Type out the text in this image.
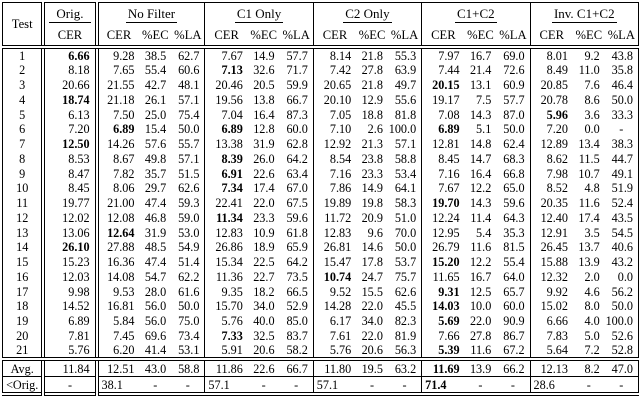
Test	Orig.	No Filter			C1 Only			C2 Only			C1+C2			Inv. C1+C2		
	CER	CER	%EC	%LA	CER	%EC	%LA	CER	%EC	%LA	CER	%EC	%LA	CER	%EC	%LA
1	6.66	9.28	38.5	62.7	7.67	14.9	57.7	8.14	21.8	55.3	7.97	16.7	69.0	8.01	9.2	43.8
2	8.18	7.65	55.4	60.6	7.13	32.6	71.7	7.42	27.8	63.9	7.44	21.4	72.6	8.49	11.0	35.8
3	20.66	21.55	42.7	48.1	20.46	20.5	59.9	20.65	21.8	49.7	20.15	13.1	60.9	20.85	7.6	46.4
4	18.74	21.18	26.1	57.1	19.56	13.8	66.7	20.10	12.9	55.6	19.17	7.5	57.7	20.78	8.6	50.0
5	6.13	7.50	25.0	75.4	7.04	16.4	87.3	7.05	18.8	81.8	7.08	14.3	87.0	5.96	3.6	33.3
6	7.20	6.89	15.4	50.0	6.89	12.8	60.0	7.10	2.6	100.0	6.89	5.1	50.0	7.20	0.0	-
7	12.50	14.26	57.6	55.7	13.38	31.9	62.8	12.92	21.3	57.1	12.81	14.8	62.4	12.89	13.4	38.3
8	8.53	8.67	49.8	57.1	8.39	26.0	64.2	8.54	23.8	58.8	8.45	14.7	68.3	8.62	11.5	44.7
9	8.47	7.82	35.7	51.5	6.91	22.6	63.4	7.16	23.3	53.4	7.16	16.4	66.8	7.98	10.7	49.1
10	8.45	8.06	29.7	62.6	7.34	17.4	67.0	7.86	14.9	64.1	7.67	12.2	65.0	8.52	4.8	51.9
11	19.77	21.00	47.4	59.3	22.41	22.0	67.5	19.89	19.8	58.3	19.70	14.3	59.6	20.35	11.6	52.4
12	12.02	12.08	46.8	59.0	11.34	23.3	59.6	11.72	20.9	51.0	12.24	11.4	64.3	12.40	17.4	43.5
13	13.06	12.64	31.9	53.0	12.83	10.9	61.8	12.83	9.6	70.0	12.95	5.4	35.3	12.91	3.5	54.5
14	26.10	27.88	48.5	54.9	26.86	18.9	65.9	26.81	14.6	50.0	26.79	11.6	81.5	26.45	13.7	40.6
15	15.23	16.36	47.4	51.4	15.34	22.5	64.2	15.47	17.8	53.7	15.20	12.2	55.4	15.88	13.9	43.2
16	12.03	14.08	54.7	62.2	11.36	22.7	73.5	10.74	24.7	75.7	11.65	16.7	64.0	12.32	2.0	0.0
17	9.98	9.53	28.0	61.6	9.35	18.2	66.5	9.52	15.5	62.6	9.31	12.5	65.7	9.92	4.6	56.2
18	14.52	16.81	56.0	50.0	15.70	34.0	52.9	14.28	22.0	45.5	14.03	10.0	60.0	15.02	8.0	50.0
19	6.89	5.84	56.0	75.0	5.76	40.0	85.0	6.17	34.0	82.3	5.69	22.0	90.9	6.66	4.0	100.0
20	7.81	7.45	69.6	73.4	7.33	32.5	83.7	7.61	22.0	81.9	7.66	27.8	86.7	7.83	5.0	52.6
21	5.76	6.20	41.4	53.1	5.91	20.6	58.2	5.76	20.6	56.3	5.39	11.6	67.2	5.64	7.2	52.8
Avg.	11.84	12.51	43.0	58.8	11.86	22.6	66.7	11.80	19.5	63.2	11.69	13.9	66.2	12.13	8.2	47.0
<Orig.	-	38.1	-	-	57.1	-	-	57.1	-	-	71.4	-	-	28.6	-	-
